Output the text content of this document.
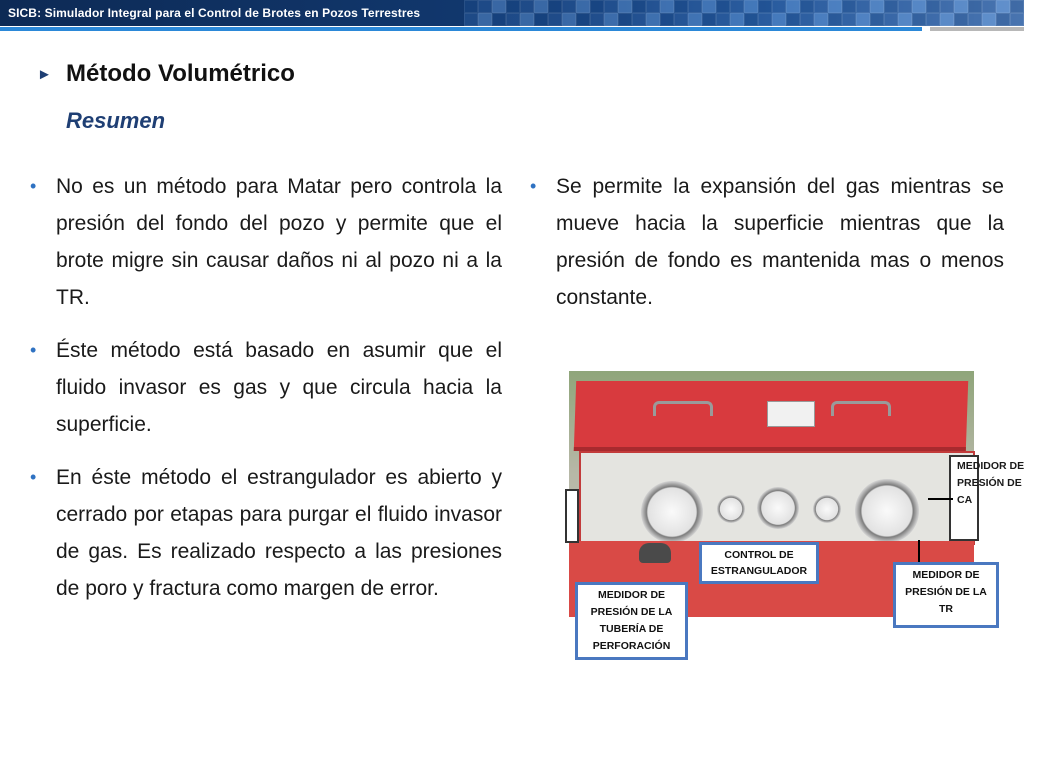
SICB: Simulador Integral para el Control de Brotes en Pozos Terrestres
► Método Volumétrico
Resumen
• No es un método para Matar pero controla la presión del fondo del pozo y permite que el brote migre sin causar daños ni al pozo ni a la TR.
• Éste método está basado en asumir que el fluido invasor es gas y que circula hacia la superficie.
• En éste método el estrangulador es abierto y cerrado por etapas para purgar el fluido invasor de gas. Es realizado respecto a las presiones de poro y fractura como margen de error.
• Se permite la expansión del gas mientras se mueve hacia la superficie mientras que la presión de fondo es mantenida mas o menos constante.
MEDIDOR DE PRESIÓN DE CA
CONTROL DE ESTRANGULADOR	MEDIDOR DE PRESIÓN DE LA TR
MEDIDOR DE PRESIÓN DE LA TUBERÍA DE PERFORACIÓN
